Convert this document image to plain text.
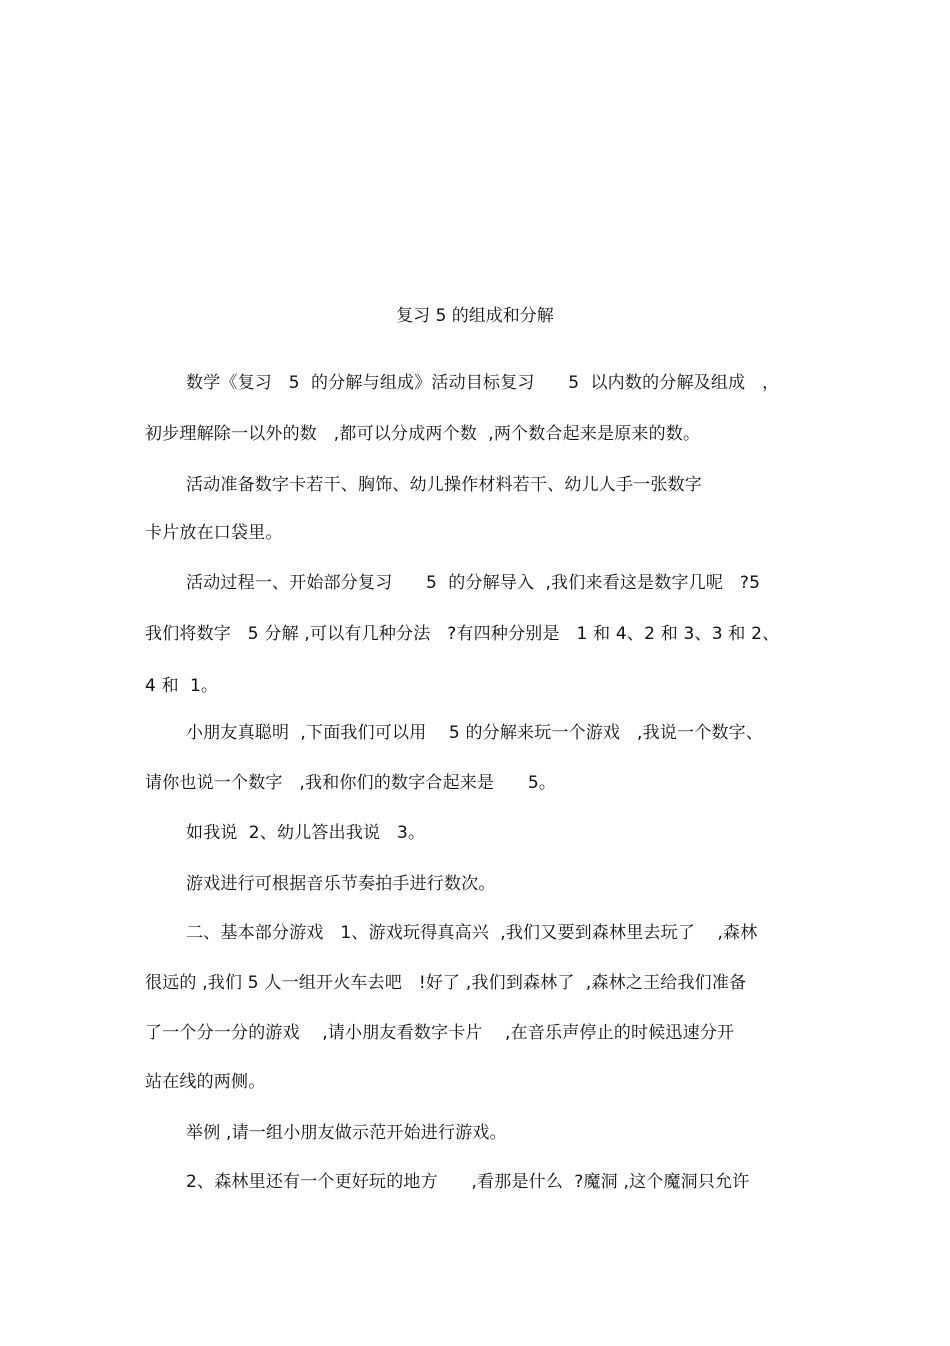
复习 5 的组成和分解
数学《复习   5  的分解与组成》活动目标复习      5  以内数的分解及组成   ，
初步理解除一以外的数   ,都可以分成两个数  ,两个数合起来是原来的数。
活动准备数字卡若干、胸饰、幼儿操作材料若干、幼儿人手一张数字
卡片放在口袋里。
活动过程一、开始部分复习      5  的分解导入  ,我们来看这是数字几呢   ?5
我们将数字   5 分解 ,可以有几种分法   ?有四种分别是   1 和 4、2 和 3、3 和 2、
4 和  1。
小朋友真聪明  ,下面我们可以用    5 的分解来玩一个游戏   ,我说一个数字、
请你也说一个数字   ,我和你们的数字合起来是      5。
如我说  2、幼儿答出我说   3。
游戏进行可根据音乐节奏拍手进行数次。
二、基本部分游戏   1、游戏玩得真高兴  ,我们又要到森林里去玩了    ,森林
很远的 ,我们 5 人一组开火车去吧   !好了 ,我们到森林了  ,森林之王给我们准备
了一个分一分的游戏    ,请小朋友看数字卡片    ,在音乐声停止的时候迅速分开
站在线的两侧。
举例 ,请一组小朋友做示范开始进行游戏。
2、森林里还有一个更好玩的地方      ,看那是什么  ?魔洞 ,这个魔洞只允许
